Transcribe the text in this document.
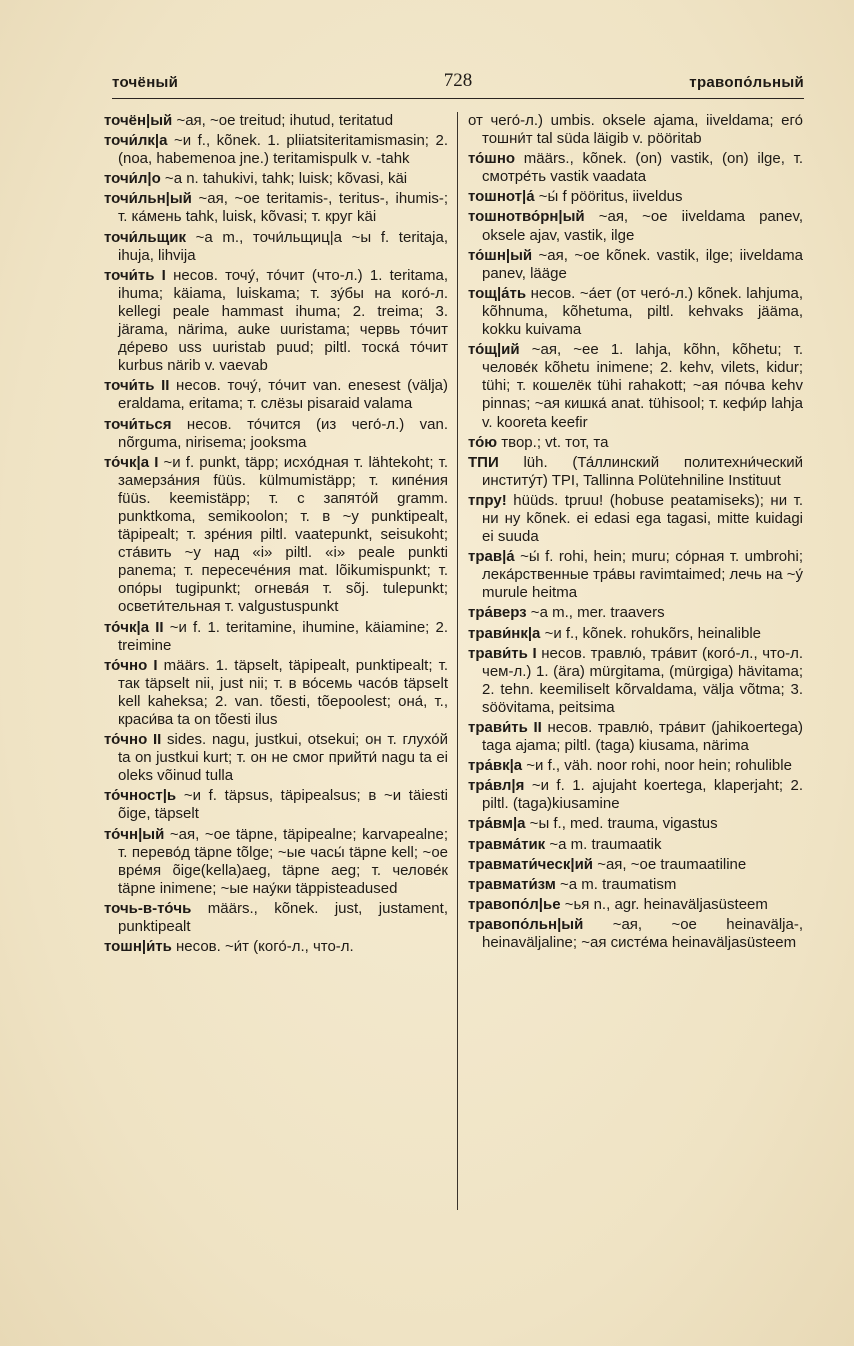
точёный	728	травопо́льный

точён|ый ~ая, ~ое treitud; ihutud, teritatud

точи́лк|а ~и f., kõnek. 1. pliiatsiteritamismasin; 2. (noa, habemenoa jne.) teritamispulk v. -tahk

точи́л|о ~а n. tahukivi, tahk; luisk; kõvasi, käi

точи́льн|ый ~ая, ~ое teritamis-, teritus-, ihumis-; т. ка́мень tahk, luisk, kõvasi; т. круг käi

точи́льщик ~а m., точи́льщиц|а ~ы f. teritaja, ihuja, lihvija

точи́ть I несов. точу́, то́чит (что-л.) 1. teritama, ihuma; käiama, luiskama; т. зу́бы на кого́-л. kellegi peale hammast ihuma; 2. treima; 3. järama, närima, auke uuristama; червь то́чит де́рево uss uuristab puud; piltl. тоска́ то́чит kurbus närib v. vaevab

точи́ть II несов. точу́, то́чит van. enesest (välja) eraldama, eritama; т. слёзы pisaraid valama

точи́ться несов. то́чится (из чего́-л.) van. nõrguma, nirisema; jooksma

то́чк|а I ~и f. punkt, täpp; исхо́дная т. lähtekoht; т. замерза́ния füüs. külmumistäpp; т. кипе́ния füüs. keemistäpp; т. с запято́й gramm. punktkoma, semikoolon; т. в ~у punktipealt, täpipealt; т. зре́ния piltl. vaatepunkt, seisukoht; ста́вить ~у над «i» piltl. «i» peale punkti panema; т. пересече́ния mat. lõikumispunkt; т. опо́ры tugipunkt; огнева́я т. sõj. tulepunkt; освети́тельная т. valgustuspunkt

то́чк|а II ~и f. 1. teritamine, ihumine, käiamine; 2. treimine

то́чно I määrs. 1. täpselt, täpipealt, punktipealt; т. так täpselt nii, just nii; т. в во́семь часо́в täpselt kell kaheksa; 2. van. tõesti, tõepoolest; она́, т., краси́ва ta on tõesti ilus

то́чно II sides. nagu, justkui, otsekui; он т. глухо́й ta on justkui kurt; т. он не смог прийти́ nagu ta ei oleks võinud tulla

то́чност|ь ~и f. täpsus, täpipealsus; в ~и täiesti õige, täpselt

то́чн|ый ~ая, ~ое täpne, täpipealne; karvapealne; т. перево́д täpne tõlge; ~ые часы́ täpne kell; ~ое вре́мя õige(kella)aeg, täpne aeg; т. челове́к täpne inimene; ~ые нау́ки täppisteadused

точь-в-то́чь määrs., kõnek. just, justament, punktipealt

тошн|и́ть несов. ~и́т (кого́-л., что-л.

от чего́-л.) umbis. oksele ajama, iiveldama; его́ тошни́т tal süda läigib v. pööritab

то́шно määrs., kõnek. (on) vastik, (on) ilge, т. смотре́ть vastik vaadata

тошнот|а́ ~ы́ f pööritus, iiveldus

тошнотво́рн|ый ~ая, ~ое iiveldama panev, oksele ajav, vastik, ilge

то́шн|ый ~ая, ~ое kõnek. vastik, ilge; iiveldama panev, lääge

тощ|а́ть несов. ~а́ет (от чего́-л.) kõnek. lahjuma, kõhnuma, kõhetuma, piltl. kehvaks jääma, kokku kuivama

то́щ|ий ~ая, ~ее 1. lahja, kõhn, kõhetu; т. челове́к kõhetu inimene; 2. kehv, vilets, kidur; tühi; т. кошелёк tühi rahakott; ~ая по́чва kehv pinnas; ~ая кишка́ anat. tühisool; т. кефи́р lahja v. kooreta keefir

то́ю твор.; vt. тот, та

ТПИ lüh. (Та́ллинский политехни́ческий институ́т) TPI, Tallinna Polütehniline Instituut

тпру! hüüds. tpruu! (hobuse peatamiseks); ни т. ни ну kõnek. ei edasi ega tagasi, mitte kuidagi ei suuda

трав|а́ ~ы́ f. rohi, hein; muru; со́рная т. umbrohi; лека́рственные тра́вы ravimtaimed; лечь на ~у́ murule heitma

тра́верз ~а m., mer. traavers

трави́нк|а ~и f., kõnek. rohukõrs, heinalible

трави́ть I несов. травлю́, тра́вит (кого́-л., что-л. чем-л.) 1. (ära) mürgitama, (mürgiga) hävitama; 2. tehn. keemiliselt kõrvaldama, välja võtma; 3. söövitama, peitsima

трави́ть II несов. травлю́, тра́вит (jahikoertega) taga ajama; piltl. (taga) kiusama, närima

тра́вк|а ~и f., väh. noor rohi, noor hein; rohulible

тра́вл|я ~и f. 1. ajujaht koertega, klaperjaht; 2. piltl. (taga)kiusamine

тра́вм|а ~ы f., med. trauma, vigastus

травма́тик ~а m. traumaatik

травмати́ческ|ий ~ая, ~ое traumaatiline

травмати́зм ~а m. traumatism

травопо́л|ье ~ья n., agr. heinaväljasüsteem

травопо́льн|ый ~ая, ~ое heinavälja-, heinaväljaline; ~ая систе́ма heinaväljasüsteem
